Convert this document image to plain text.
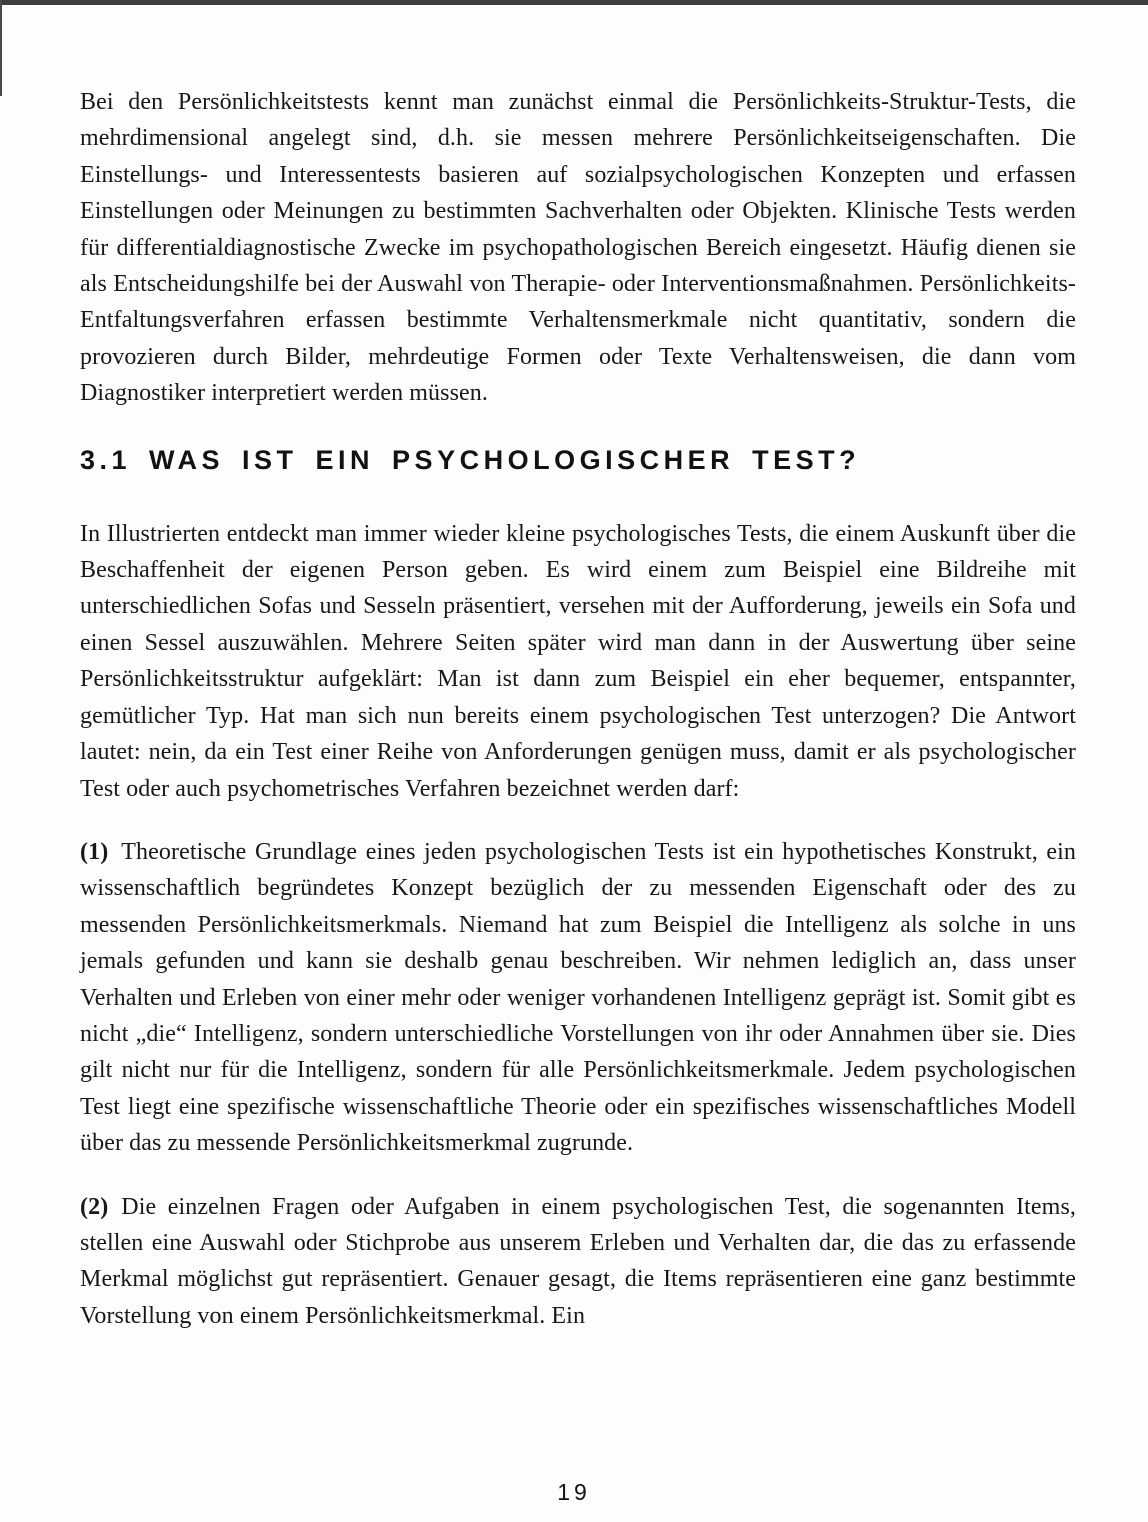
Bei den Persönlichkeitstests kennt man zunächst einmal die Persönlichkeits-Struktur-Tests, die mehrdimensional angelegt sind, d.h. sie messen mehrere Persönlichkeitseigenschaften. Die Einstellungs- und Interessentests basieren auf sozialpsychologischen Konzepten und erfassen Einstellungen oder Meinungen zu bestimmten Sachverhalten oder Objekten. Klinische Tests werden für differentialdiagnostische Zwecke im psychopathologischen Bereich eingesetzt. Häufig dienen sie als Entscheidungshilfe bei der Auswahl von Therapie- oder Interventionsmaßnahmen. Persönlichkeits-Entfaltungsverfahren erfassen bestimmte Verhaltensmerkmale nicht quantitativ, sondern die provozieren durch Bilder, mehrdeutige Formen oder Texte Verhaltensweisen, die dann vom Diagnostiker interpretiert werden müssen.

3.1 WAS IST EIN PSYCHOLOGISCHER TEST?

In Illustrierten entdeckt man immer wieder kleine psychologisches Tests, die einem Auskunft über die Beschaffenheit der eigenen Person geben. Es wird einem zum Beispiel eine Bildreihe mit unterschiedlichen Sofas und Sesseln präsentiert, versehen mit der Aufforderung, jeweils ein Sofa und einen Sessel auszuwählen. Mehrere Seiten später wird man dann in der Auswertung über seine Persönlichkeitsstruktur aufgeklärt: Man ist dann zum Beispiel ein eher bequemer, entspannter, gemütlicher Typ. Hat man sich nun bereits einem psychologischen Test unterzogen? Die Antwort lautet: nein, da ein Test einer Reihe von Anforderungen genügen muss, damit er als psychologischer Test oder auch psychometrisches Verfahren bezeichnet werden darf:

(1) Theoretische Grundlage eines jeden psychologischen Tests ist ein hypothetisches Konstrukt, ein wissenschaftlich begründetes Konzept bezüglich der zu messenden Eigenschaft oder des zu messenden Persönlichkeitsmerkmals. Niemand hat zum Beispiel die Intelligenz als solche in uns jemals gefunden und kann sie deshalb genau beschreiben. Wir nehmen lediglich an, dass unser Verhalten und Erleben von einer mehr oder weniger vorhandenen Intelligenz geprägt ist. Somit gibt es nicht „die“ Intelligenz, sondern unterschiedliche Vorstellungen von ihr oder Annahmen über sie. Dies gilt nicht nur für die Intelligenz, sondern für alle Persönlichkeitsmerkmale. Jedem psychologischen Test liegt eine spezifische wissenschaftliche Theorie oder ein spezifisches wissenschaftliches Modell über das zu messende Persönlichkeitsmerkmal zugrunde.

(2) Die einzelnen Fragen oder Aufgaben in einem psychologischen Test, die sogenannten Items, stellen eine Auswahl oder Stichprobe aus unserem Erleben und Verhalten dar, die das zu erfassende Merkmal möglichst gut repräsentiert. Genauer gesagt, die Items repräsentieren eine ganz bestimmte Vorstellung von einem Persönlichkeitsmerkmal. Ein

19
